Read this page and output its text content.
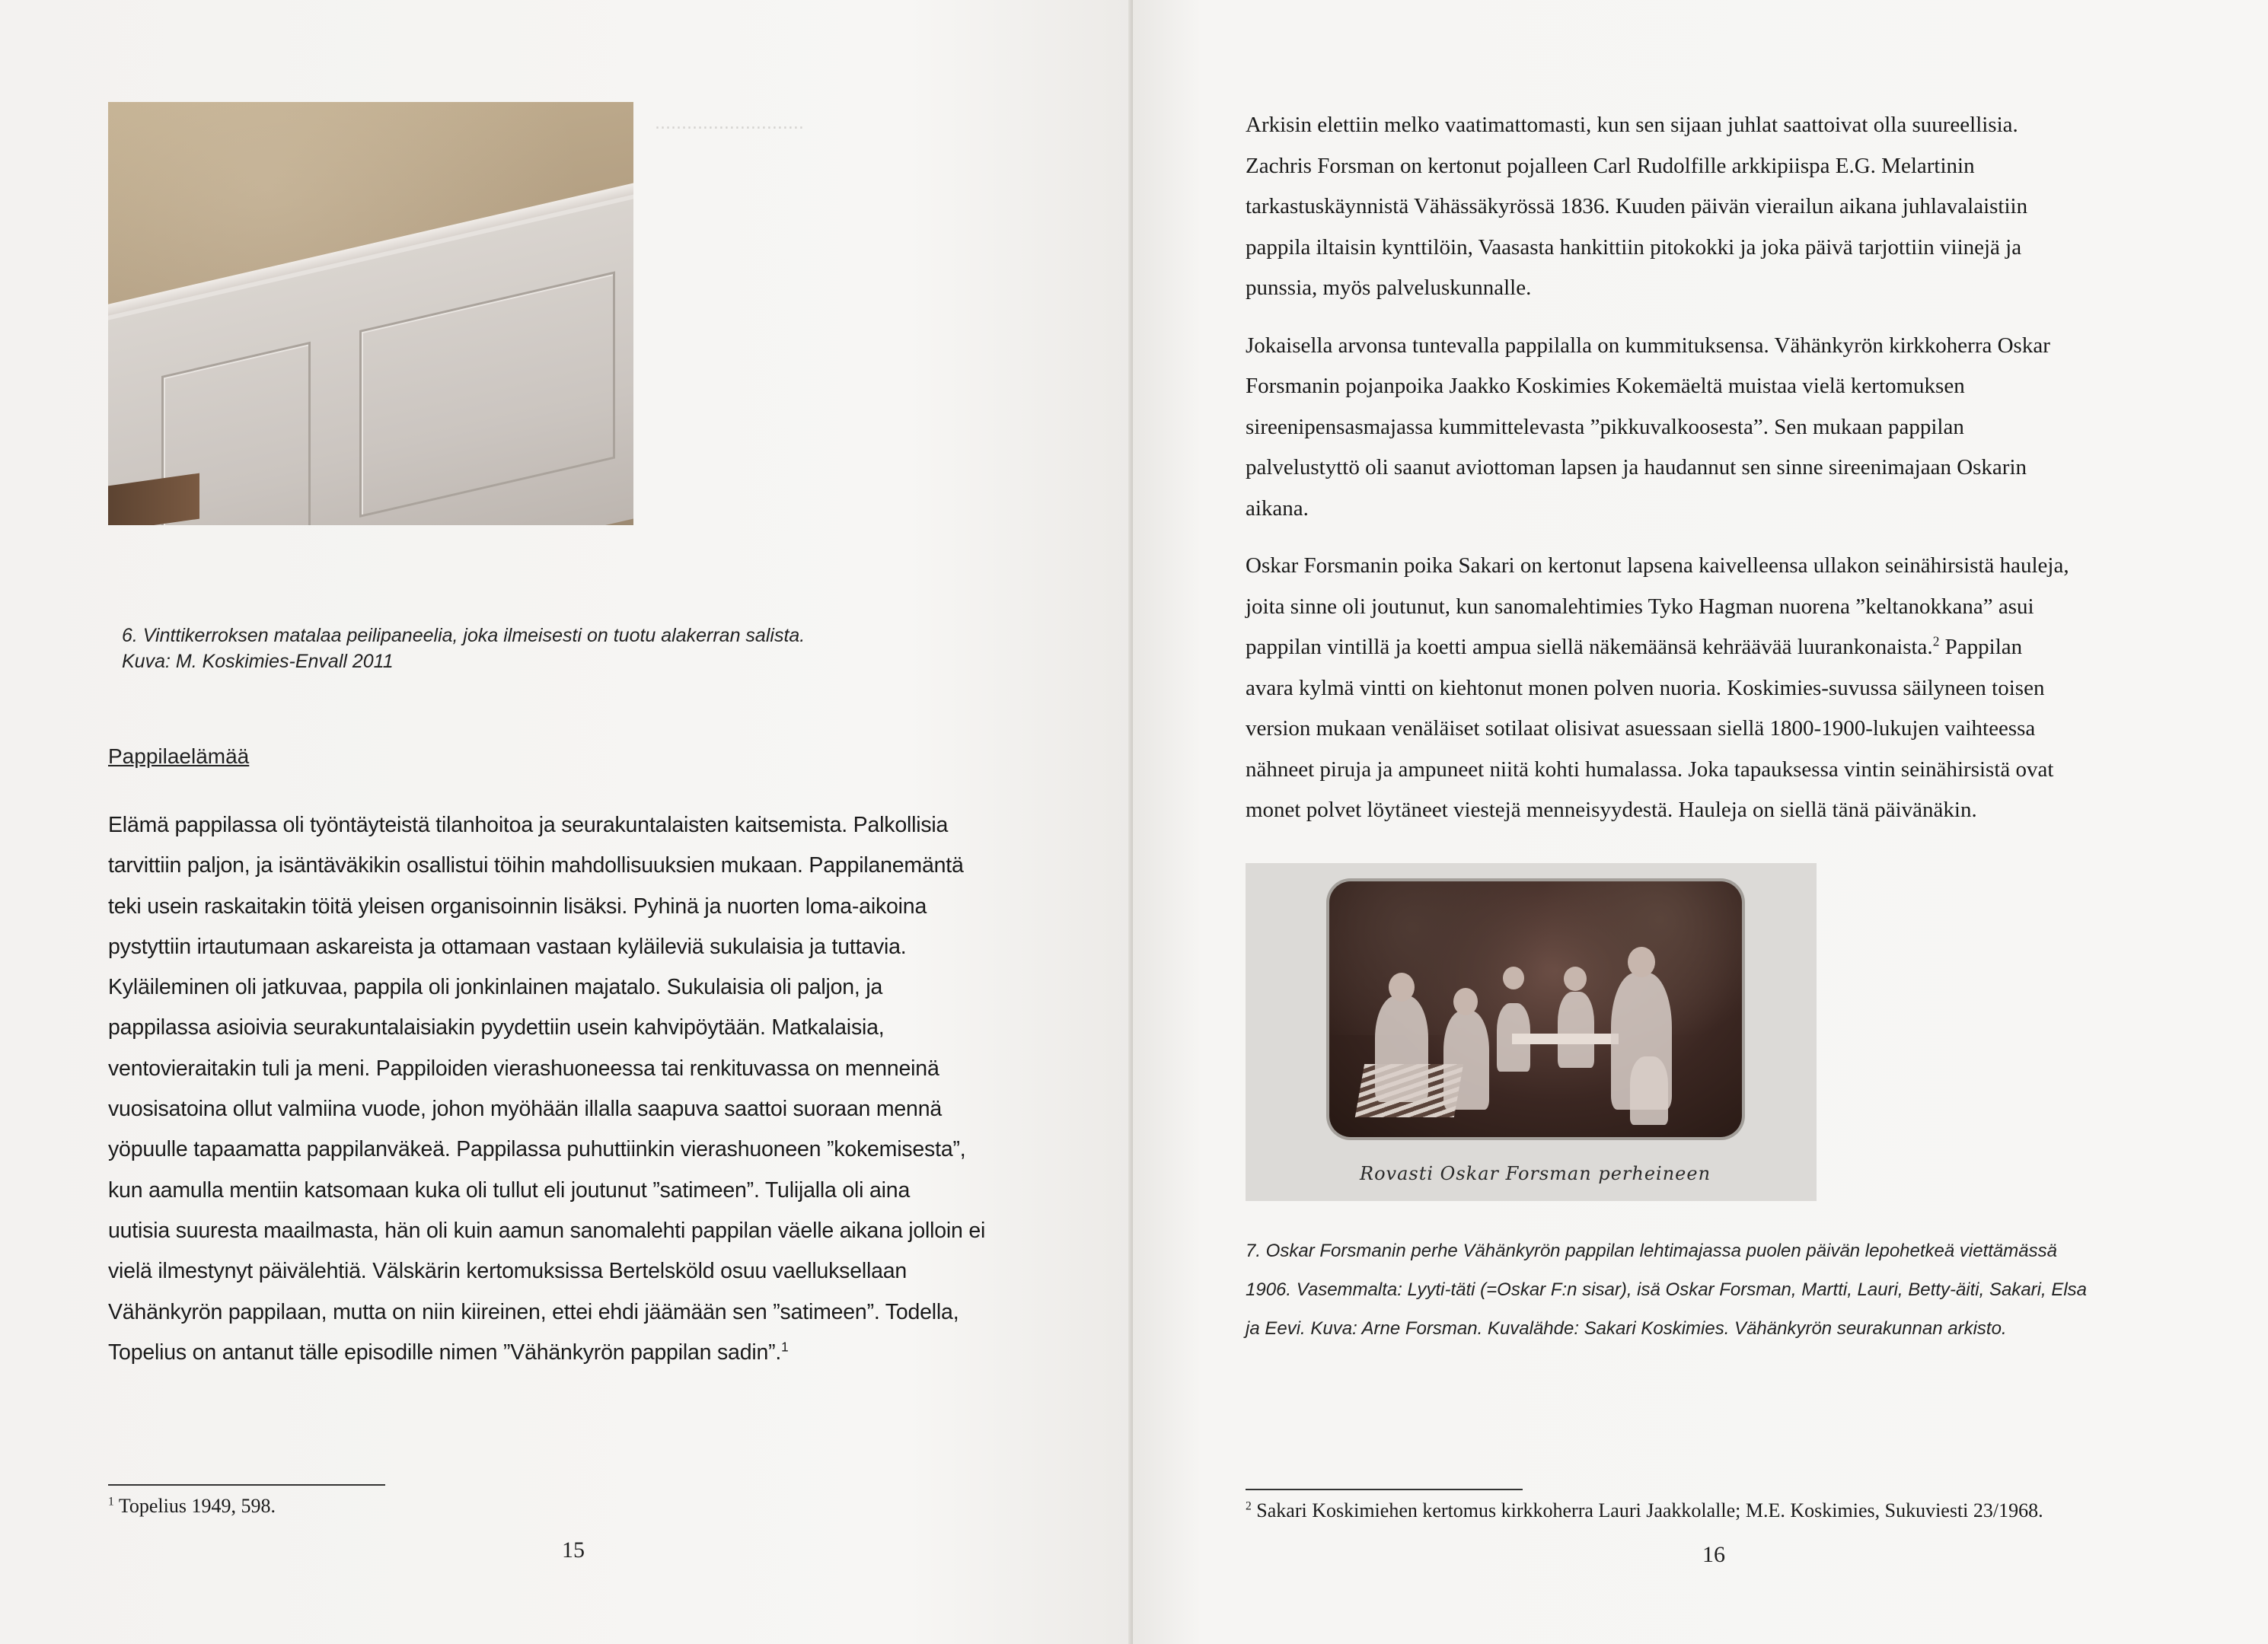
............................
6. Vinttikerroksen matalaa peilipaneelia, joka ilmeisesti on tuotu alakerran salista.
Kuva: M. Koskimies-Envall 2011
Pappilaelämää
Elämä pappilassa oli työntäyteistä tilanhoitoa ja seurakuntalaisten kaitsemista. Palkollisia
tarvittiin paljon, ja isäntäväkikin osallistui töihin mahdollisuuksien mukaan. Pappilanemäntä
teki usein raskaitakin töitä yleisen organisoinnin lisäksi. Pyhinä ja nuorten loma-aikoina
pystyttiin irtautumaan askareista ja ottamaan vastaan kyläileviä sukulaisia ja tuttavia.
Kyläileminen oli jatkuvaa, pappila oli jonkinlainen majatalo. Sukulaisia oli paljon, ja
pappilassa asioivia seurakuntalaisiakin pyydettiin usein kahvipöytään. Matkalaisia,
ventovieraitakin tuli ja meni. Pappiloiden vierashuoneessa tai renkituvassa on menneinä
vuosisatoina ollut valmiina vuode, johon myöhään illalla saapuva saattoi suoraan mennä
yöpuulle tapaamatta pappilanväkeä. Pappilassa puhuttiinkin vierashuoneen ”kokemisesta”,
kun aamulla mentiin katsomaan kuka oli tullut eli joutunut ”satimeen”. Tulijalla oli aina
uutisia suuresta maailmasta, hän oli kuin aamun sanomalehti pappilan väelle aikana jolloin ei
vielä ilmestynyt päivälehtiä. Välskärin kertomuksissa Bertelsköld osuu vaelluksellaan
Vähänkyrön pappilaan, mutta on niin kiireinen, ettei ehdi jäämään sen ”satimeen”. Todella,
Topelius on antanut tälle episodille nimen ”Vähänkyrön pappilan sadin”.$^1$
$^1$ Topelius 1949, 598.
15
Arkisin elettiin melko vaatimattomasti, kun sen sijaan juhlat saattoivat olla suureellisia.
Zachris Forsman on kertonut pojalleen Carl Rudolfille arkkipiispa E.G. Melartinin
tarkastuskäynnistä Vähässäkyrössä 1836. Kuuden päivän vierailun aikana juhlavalaistiin
pappila iltaisin kynttilöin, Vaasasta hankittiin pitokokki ja joka päivä tarjottiin viinejä ja
punssia, myös palveluskunnalle.
Jokaisella arvonsa tuntevalla pappilalla on kummituksensa. Vähänkyrön kirkkoherra Oskar
Forsmanin pojanpoika Jaakko Koskimies Kokemäeltä muistaa vielä kertomuksen
sireenipensasmajassa kummittelevasta ”pikkuvalkoosesta”. Sen mukaan pappilan
palvelustyttö oli saanut aviottoman lapsen ja haudannut sen sinne sireenimajaan Oskarin
aikana.
Oskar Forsmanin poika Sakari on kertonut lapsena kaivelleensa ullakon seinähirsistä hauleja,
joita sinne oli joutunut, kun sanomalehtimies Tyko Hagman nuorena ”keltanokkana” asui
pappilan vintillä ja koetti ampua siellä näkemäänsä kehräävää luurankonaista.$^2$ Pappilan
avara kylmä vintti on kiehtonut monen polven nuoria. Koskimies-suvussa säilyneen toisen
version mukaan venäläiset sotilaat olisivat asuessaan siellä 1800-1900-lukujen vaihteessa
nähneet piruja ja ampuneet niitä kohti humalassa. Joka tapauksessa vintin seinähirsistä ovat
monet polvet löytäneet viestejä menneisyydestä. Hauleja on siellä tänä päivänäkin.
Rovasti Oskar Forsman perheineen
7. Oskar Forsmanin perhe Vähänkyrön pappilan lehtimajassa puolen päivän lepohetkeä viettämässä
1906. Vasemmalta: Lyyti-täti (=Oskar F:n sisar), isä Oskar Forsman, Martti, Lauri, Betty-äiti, Sakari, Elsa
ja Eevi. Kuva: Arne Forsman. Kuvalähde: Sakari Koskimies. Vähänkyrön seurakunnan arkisto.
$^2$ Sakari Koskimiehen kertomus kirkkoherra Lauri Jaakkolalle; M.E. Koskimies, Sukuviesti 23/1968.
16
